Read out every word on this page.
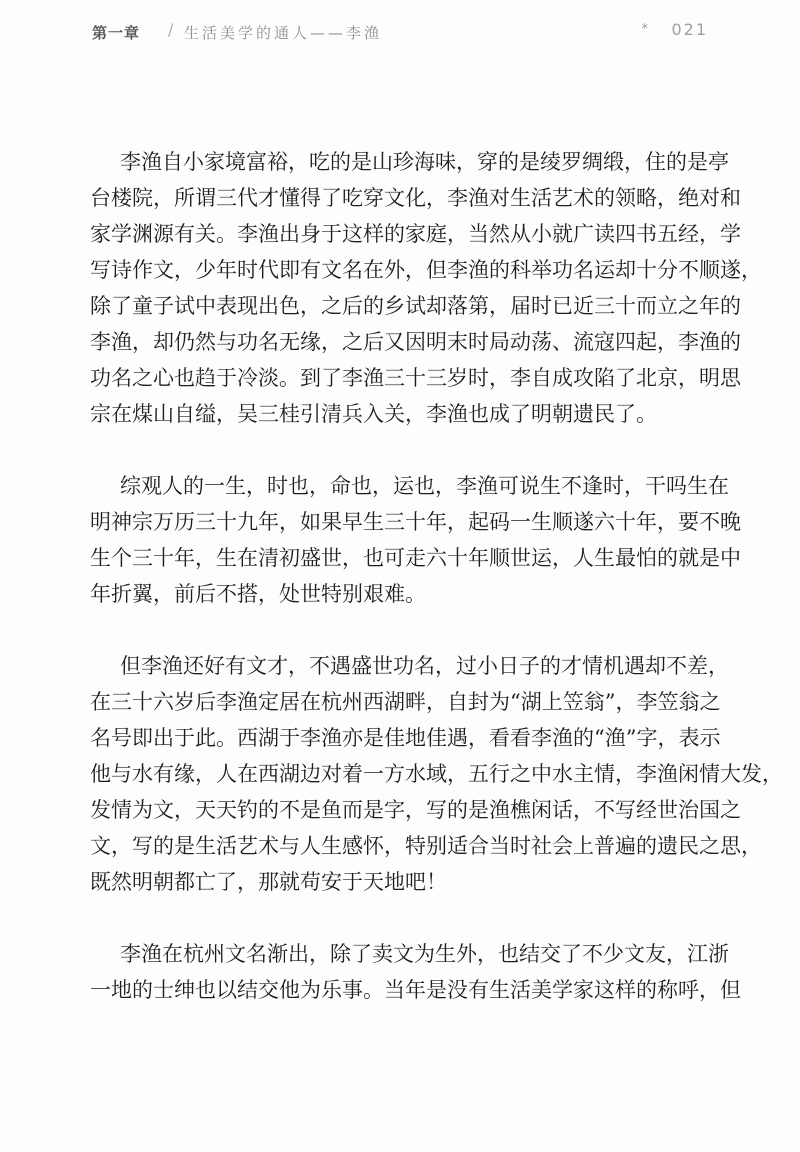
第一章 / 生活美学的通人——李渔	* 021
李渔自小家境富裕，吃的是山珍海味，穿的是绫罗绸缎，住的是亭
台楼院，所谓三代才懂得了吃穿文化，李渔对生活艺术的领略，绝对和
家学渊源有关。李渔出身于这样的家庭，当然从小就广读四书五经，学
写诗作文，少年时代即有文名在外，但李渔的科举功名运却十分不顺遂，
除了童子试中表现出色，之后的乡试却落第，届时已近三十而立之年的
李渔，却仍然与功名无缘，之后又因明末时局动荡、流寇四起，李渔的
功名之心也趋于冷淡。到了李渔三十三岁时，李自成攻陷了北京，明思
宗在煤山自缢，吴三桂引清兵入关，李渔也成了明朝遗民了。
综观人的一生，时也，命也，运也，李渔可说生不逢时，干吗生在
明神宗万历三十九年，如果早生三十年，起码一生顺遂六十年，要不晚
生个三十年，生在清初盛世，也可走六十年顺世运，人生最怕的就是中
年折翼，前后不搭，处世特别艰难。
但李渔还好有文才，不遇盛世功名，过小日子的才情机遇却不差，
在三十六岁后李渔定居在杭州西湖畔，自封为“湖上笠翁”，李笠翁之
名号即出于此。西湖于李渔亦是佳地佳遇，看看李渔的“渔”字，表示
他与水有缘，人在西湖边对着一方水域，五行之中水主情，李渔闲情大发，
发情为文，天天钓的不是鱼而是字，写的是渔樵闲话，不写经世治国之
文，写的是生活艺术与人生感怀，特别适合当时社会上普遍的遗民之思，
既然明朝都亡了，那就苟安于天地吧！
李渔在杭州文名渐出，除了卖文为生外，也结交了不少文友，江浙
一地的士绅也以结交他为乐事。当年是没有生活美学家这样的称呼，但
